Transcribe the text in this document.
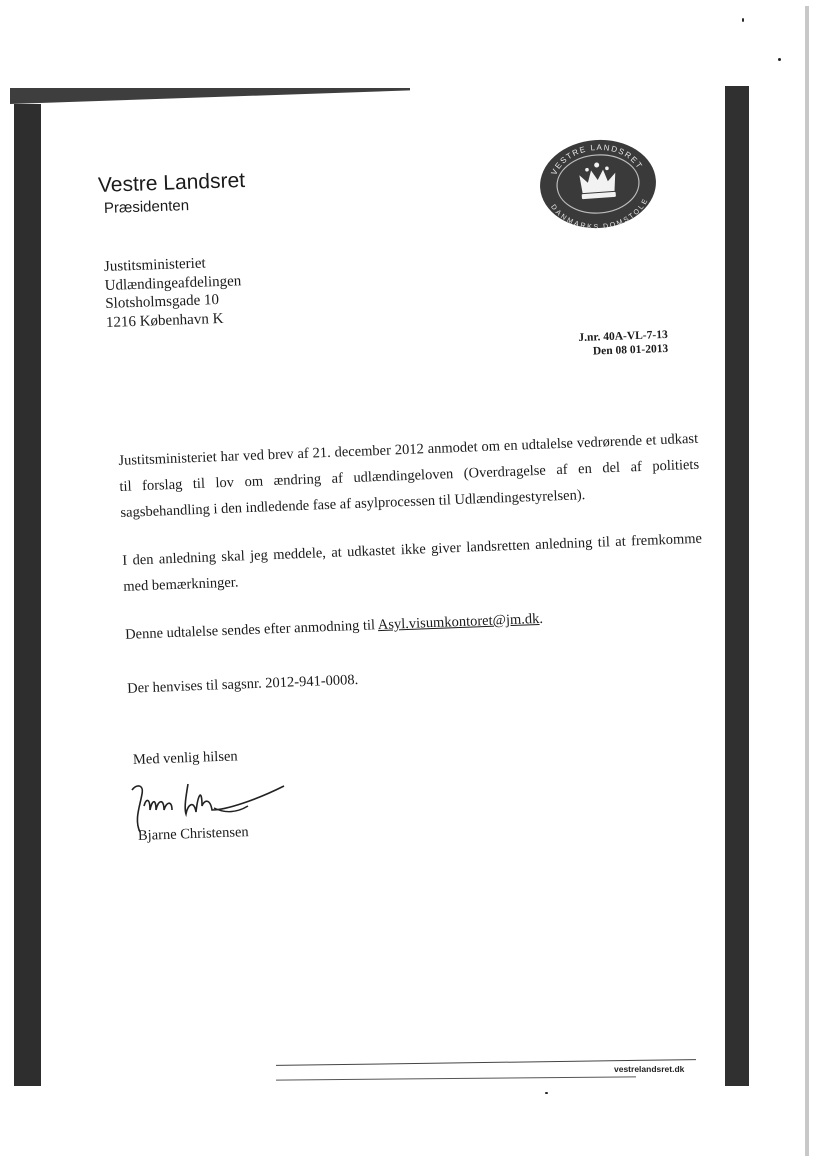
Vestre Landsret
Præsidenten
VESTRE LANDSRET
DANMARKS DOMSTOLE
Justitsministeriet
Udlændingeafdelingen
Slotsholmsgade 10
1216 København K
J.nr. 40A-VL-7-13
Den 08 01-2013

Justitsministeriet har ved brev af 21. december 2012 anmodet om en udtalelse vedrørende et udkast til forslag til lov om ændring af udlændingeloven (Overdragelse af en del af politiets sagsbehandling i den indledende fase af asylprocessen til Udlændingestyrelsen).

I den anledning skal jeg meddele, at udkastet ikke giver landsretten anledning til at fremkomme med bemærkninger.

Denne udtalelse sendes efter anmodning til Asyl.visumkontoret@jm.dk.

Der henvises til sagsnr. 2012-941-0008.

Med venlig hilsen
Bjarne Christensen
vestrelandsret.dk
